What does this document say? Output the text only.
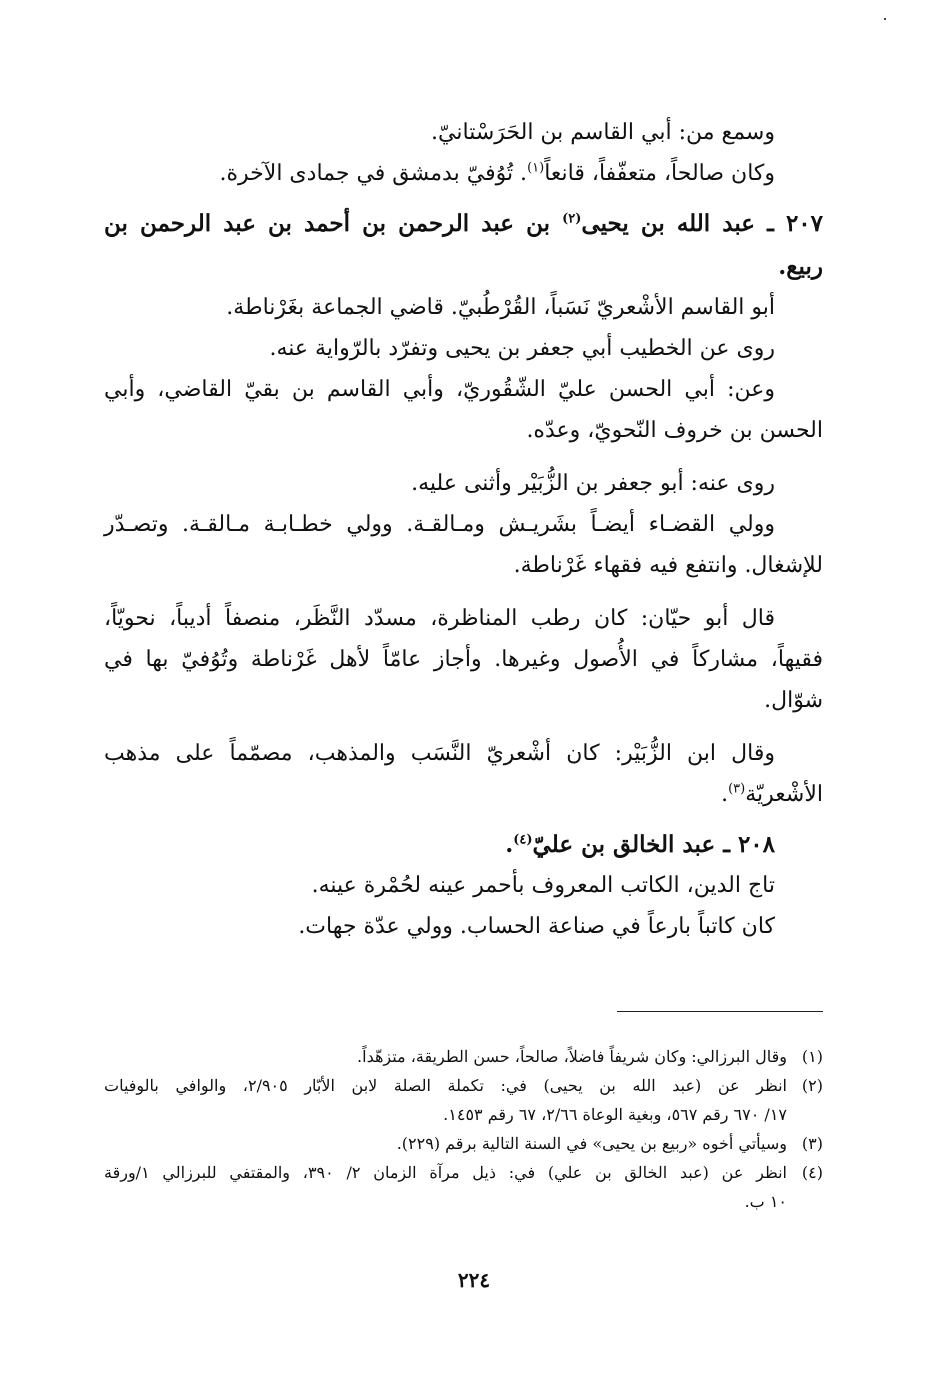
وسمع من: أبي القاسم بن الحَرَسْتانيّ.
وكان صالحاً، متعفّفاً، قانعاً$^{(١)}$. تُوُفيّ بدمشق في جمادى الآخرة.
٢٠٧ ـ عبد الله بن يحيى$^{(٢)}$ بن عبد الرحمن بن أحمد بن عبد الرحمن بن
ربيع.
أبو القاسم الأشْعريّ نَسَباً، القُرْطُبيّ. قاضي الجماعة بغَرْناطة.
روى عن الخطيب أبي جعفر بن يحيى وتفرّد بالرّواية عنه.
وعن: أبي الحسن عليّ الشّقُوريّ، وأبي القاسم بن بقيّ القاضي، وأبي
الحسن بن خروف النّحويّ، وعدّه.
روى عنه: أبو جعفر بن الزُّبَيْر وأثنى عليه.
وولي القضـاء أيضـاً بشَريـش ومـالقـة. وولي خطـابـة مـالقـة. وتصـدّر
للإشغال. وانتفع فيه فقهاء غَرْناطة.
قال أبو حيّان: كان رطب المناظرة، مسدّد النَّظَر، منصفاً أديباً، نحويّاً،
فقيهاً، مشاركاً في الأُصول وغيرها. وأجاز عامّاً لأهل غَرْناطة وتُوُفيّ بها في
شوّال.
وقال ابن الزُّبَيْر: كان أشْعريّ النَّسَب والمذهب، مصمّماً على مذهب
الأشْعريّة$^{(٣)}$.
٢٠٨ ـ عبد الخالق بن عليّ$^{(٤)}$.
تاج الدين، الكاتب المعروف بأحمر عينه لحُمْرة عينه.
كان كاتباً بارعاً في صناعة الحساب. وولي عدّة جهات.
(١)
وقال البرزالي: وكان شريفاً فاضلاً، صالحاً، حسن الطريقة، متزهّداً.
(٢)
انظر عن (عبد الله بن يحيى) في: تكملة الصلة لابن الأبّار ٢/٩٠٥، والوافي بالوفيات
١٧/ ٦٧٠ رقم ٥٦٧، وبغية الوعاة ٢/٦٦، ٦٧ رقم ١٤٥٣.
(٣)
وسيأتي أخوه «ربيع بن يحيى» في السنة التالية برقم (٢٢٩).
(٤)
انظر عن (عبد الخالق بن علي) في: ذيل مرآة الزمان ٢/ ٣٩٠، والمقتفي للبرزالي ١/ورقة
١٠ ب.
٢٢٤
